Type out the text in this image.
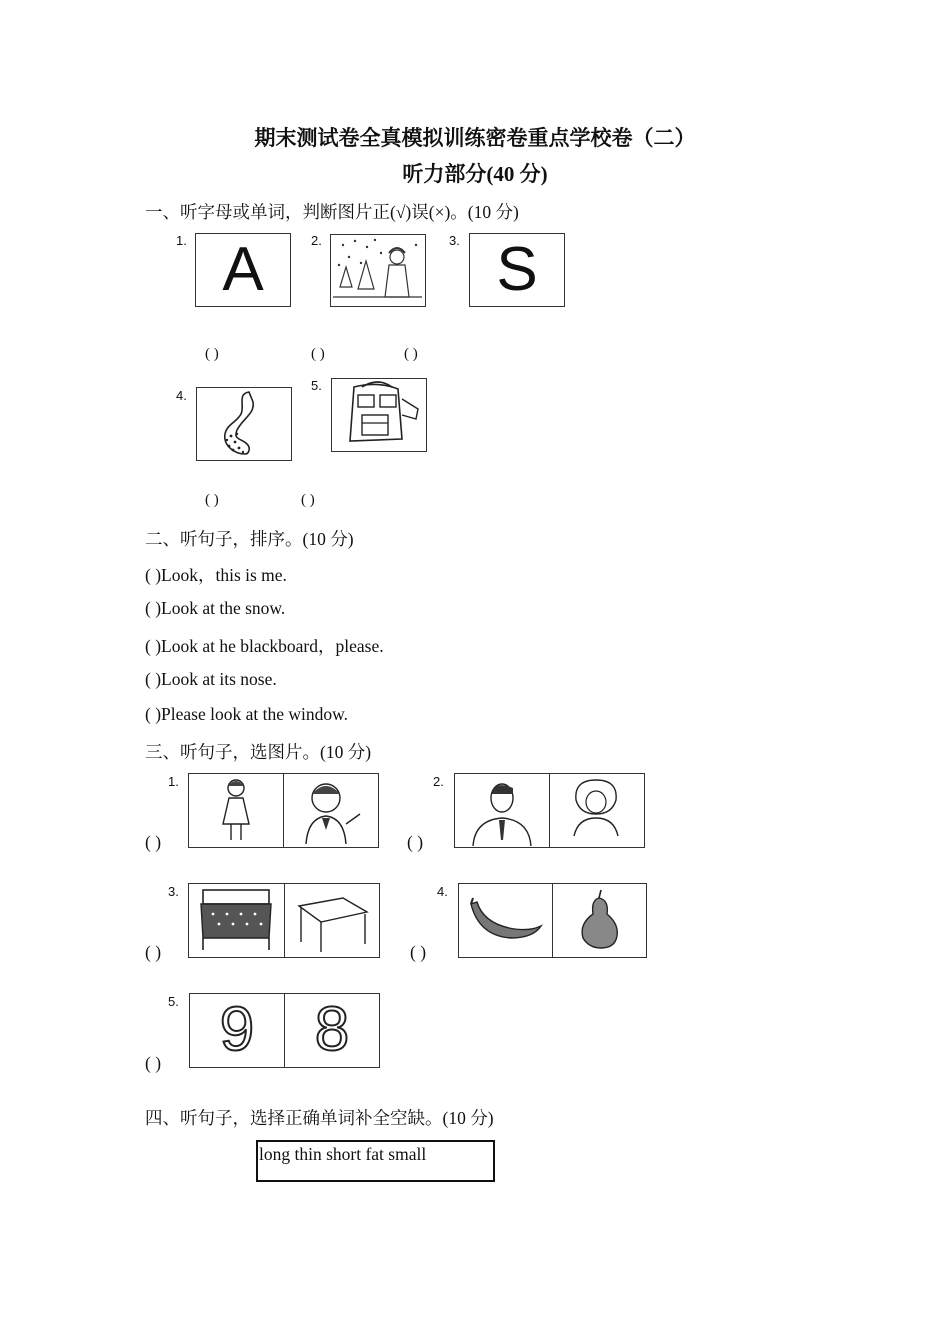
期末测试卷全真模拟训练密卷重点学校卷（二）
听力部分(40 分)
一、听字母或单词，判断图片正(√)误(×)。(10 分)
1. A	2.	3. S
( )	( )	( )
4.
5.
( )	( )
二、听句子，排序。(10 分)
( )Look，this is me.
( )Look at the snow.
( )Look at he blackboard，please.
( )Look at its nose.
( )Please look at the window.
三、听句子，选图片。(10 分)
1.
( )
2.
( )
3.
( )
4.
( )
5.
( ) 9 8
四、听句子，选择正确单词补全空缺。(10 分)
long thin short fat small
